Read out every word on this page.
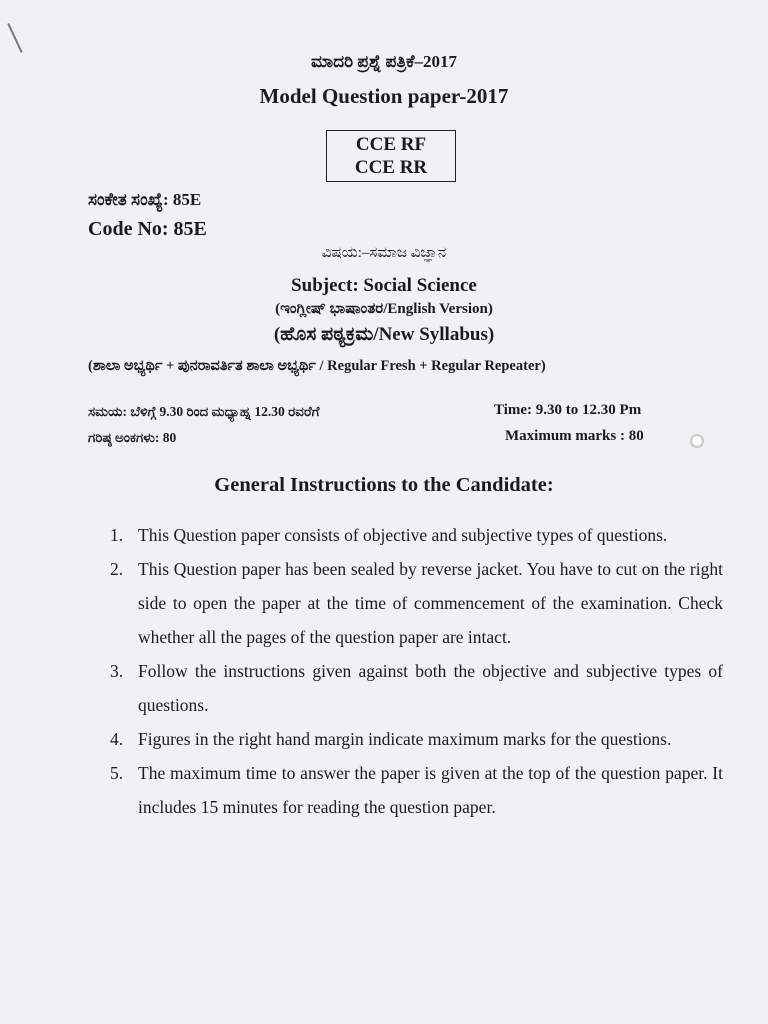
ಮಾದರಿ ಪ್ರಶ್ನೆ ಪತ್ರಿಕೆ–2017
Model Question paper-2017
CCE RF
CCE RR
ಸಂಕೇತ ಸಂಖ್ಯೆ: 85E
Code No: 85E
ವಿಷಯ:–ಸಮಾಜ ವಿಜ್ಞಾನ
Subject: Social Science
(ಇಂಗ್ಲೀಷ್ ಭಾಷಾಂತರ/English Version)
(ಹೊಸ ಪಠ್ಯಕ್ರಮ/New Syllabus)
(ಶಾಲಾ ಅಭ್ಯರ್ಥಿ + ಪುನರಾವರ್ತಿತ ಶಾಲಾ ಅಭ್ಯರ್ಥಿ / Regular Fresh + Regular Repeater)
ಸಮಯ: ಬೆಳಿಗ್ಗೆ 9.30 ರಿಂದ ಮಧ್ಯಾಹ್ನ 12.30 ರವರೆಗೆ
ಗರಿಷ್ಠ ಅಂಕಗಳು: 80
Time: 9.30 to 12.30 Pm
Maximum marks : 80
General Instructions to the Candidate:
1. This Question paper consists of objective and subjective types of questions.
2. This Question paper has been sealed by reverse jacket. You have to cut on the right side to open the paper at the time of commencement of the examination. Check whether all the pages of the question paper are intact.
3. Follow the instructions given against both the objective and subjective types of questions.
4. Figures in the right hand margin indicate maximum marks for the questions.
5. The maximum time to answer the paper is given at the top of the question paper. It includes 15 minutes for reading the question paper.
